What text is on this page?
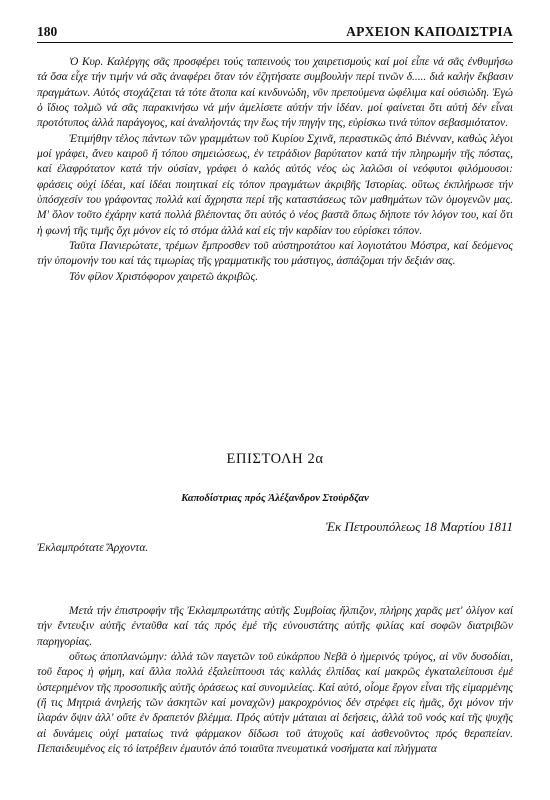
180	ΑΡΧΕΙΟΝ ΚΑΠΟΔΙΣΤΡΙΑ

Ὁ Κυρ. Καλέργης σᾶς προσφέρει τούς ταπεινούς του χαιρετισμούς καί μοί εἶπε νά σᾶς ἐνθυμήσω τά ὅσα εἶχε τήν τιμήν νά σᾶς ἀναφέρει ὅταν τόν ἐζητήσατε συμβουλήν περί τινῶν δ..... διά καλήν ἔκβασιν πραγμάτων. Αὐτός στοχάζεται τά τότε ἄτοπα καί κινδυνώδη, νῦν πρεπούμενα ὠφέλιμα καί ούσιώδη. Ἐγώ ὁ ἴδιος τολμῶ νά σᾶς παρακινήσω νά μήν ἀμελίσετε αὐτήν τήν ἰδέαν. μοί φαίνεται ὅτι αὐτή δέν εἶναι προτότυπος ἀλλά παράγογος, καί ἀναλήοντάς την ἕως τήν πηγήν της, εὑρίσκω τινά τύπον σεβασμιότατον.

Ἐτιμήθην τέλος πάντων τῶν γραμμάτων τοῦ Κυρίου Σχινᾶ, περαστικῶς ἀπό Βιένναν, καθώς λέγοι μοί γράφει, ἄνευ καιροῦ ἤ τόπου σημειώσεως, ἐν τετράδιον βαρύτατον κατά τήν πληρωμήν τῆς πόστας, καί ἐλαφρότατον κατά τήν οὐσίαν, γράφει ὁ καλός αὐτός νέος ὡς λαλῶσι οἱ νεόφυτοι φιλόμουσοι: φράσεις οὐχί ἰδέαι, καί ἰδέαι ποιητικαί εἰς τόπον πραγμάτων ἀκριβῆς Ἰστορίας. οὕτως ἐκπλήρωσε τήν ὑπόσχεσίν του γράφοντας πολλά καί ἄχρηστα περί τῆς καταστάσεως τῶν μαθημάτων τῶν ὁμογενῶν μας. Μ' ὅλον τοῦτο ἐχάρην κατά πολλά βλέποντας ὅτι αὐτός ὁ νέος βαστᾶ ὅπως δήποτε τόν λόγον του, καί ὅτι ἡ φωνή τῆς τιμῆς ὄχι μόνον εἰς τό στόμα ἀλλά καί εἰς τήν καρδίαν του εὑρίσκει τόπον.

Ταῦτα Πανιερώτατε, τρέμων ἔμπροσθεν τοῦ αὐστηροτάτου καί λογιοτάτου Μόστρα, καί δεόμενος τήν ὑπομονήν του καί τάς τιμωρίας τῆς γραμματικῆς του μάστιγος, ἀσπάζομαι τήν δεξιάν σας.

Τόν φίλον Χριστόφορον χαιρετῶ ἀκριβῶς.

ΕΠΙΣΤΟΛΗ 2α
Καποδίστριας πρός Ἀλέξανδρον Στοὐρδζαν
Ἐκ Πετρουπόλεως 18 Μαρτίου 1811
Ἐκλαμπρότατε Ἄρχοντα.

Μετά τήν ἐπιστροφήν τῆς Ἐκλαμπρωτάτης αὐτῆς Συμβοίας ἤλπιζον, πλήρης χαρᾶς μετ' ὀλίγον καί τήν ἔντευξιν αὐτῆς ἐνταῦθα καί τάς πρός ἐμέ τῆς εὐνουστάτης αὐτῆς φιλίας καί σοφῶν διατριβῶν παρηγορίας.

οὕτως ἀποπλανώμην: ἀλλά τῶν παγετῶν τοῦ εὐκάρπου Νεβᾶ ὁ ἡμερινός τρύγος, αἱ νῦν δυσοδίαι, τοῦ ἔαρος ἡ φήμη, καί ἄλλα πολλά ἐξαλείπτουσι τάς καλλάς ἐλπίδας καί μακρῶς ἐγκαταλείπουσι ἐμέ ὑστερημένον τῆς προσοπικῆς αὐτῆς ὁράσεως καί συνομιλείας. Καί αὐτό, οἶομε ἔργον εἶναι τῆς εἱμαρμένης (ἤ τις Μητριά ἀνηλεής τῶν ἀσκητῶν καί μοναχῶν) μακροχρόνιος δέν στρέφει εἰς ἡμᾶς, ὄχι μόνον τήν ἱλαράν ὄψιν ἀλλ' οὔτε ἐν δραπετόν βλέμμα. Πρός αὐτήν μάταιαι αἱ δεήσεις, ἀλλά τοῦ νοός καί τῆς ψυχῆς αἱ δυνάμεις οὐχί ματαίως τινά φάρμακον δίδωσι τοῦ ἀτυχοῦς καί ἀσθενοῦντος πρός θεραπείαν. Πεπαιδευμένος εἰς τό ἰατρέβειν ἐμαυτόν ἀπό τοιαῦτα πνευματικά νοσήματα καί πλήγματα
